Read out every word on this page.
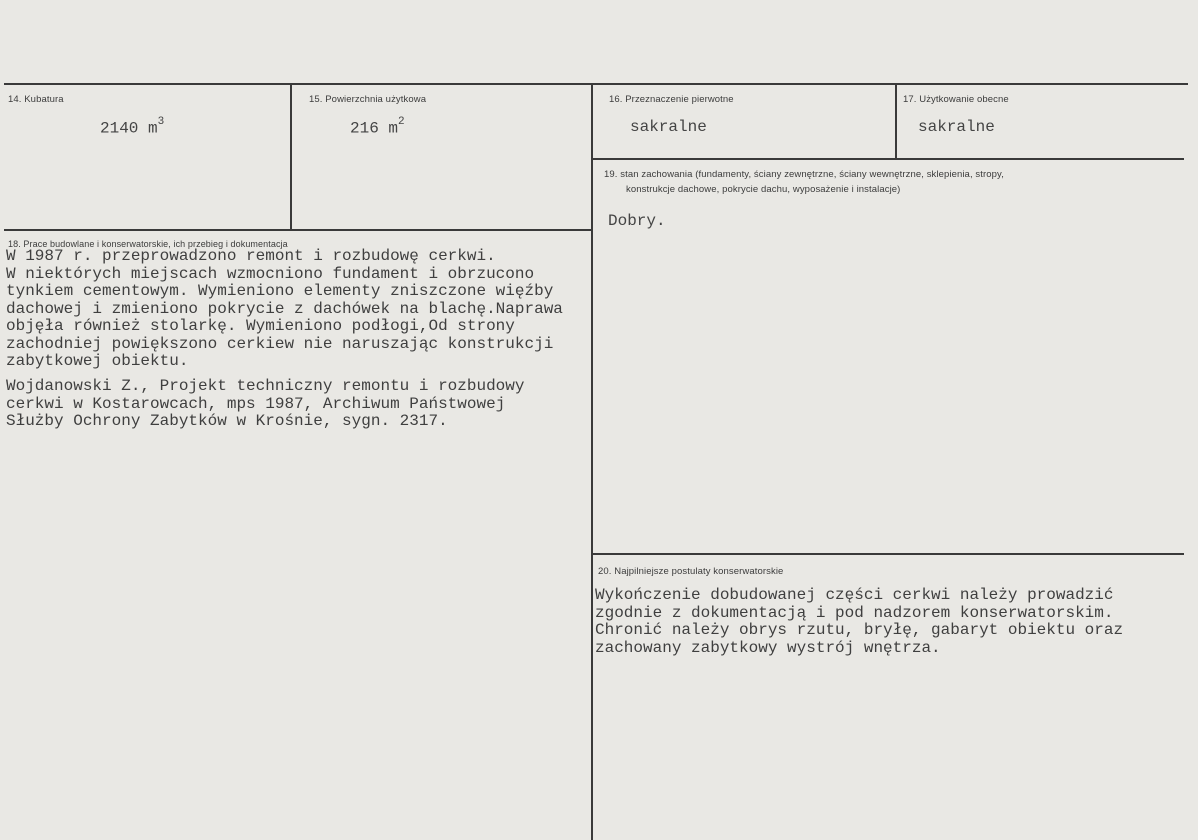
14. Kubatura
2140 $m^3$
15. Powierzchnia użytkowa
216 $m^2$
16. Przeznaczenie pierwotne
sakralne
17. Użytkowanie obecne
sakralne
19. stan zachowania (fundamenty, ściany zewnętrzne, ściany wewnętrzne, sklepienia, stropy,
konstrukcje dachowe, pokrycie dachu, wyposażenie i instalacje)
Dobry.
18. Prace budowlane i konserwatorskie, ich przebieg i dokumentacja
W 1987 r. przeprowadzono remont i rozbudowę cerkwi.
W niektórych miejscach wzmocniono fundament i obrzucono
tynkiem cementowym. Wymieniono elementy zniszczone więźby
dachowej i zmieniono pokrycie z dachówek na blachę.Naprawa
objęła również stolarkę. Wymieniono podłogi,Od strony
zachodniej powiększono cerkiew nie naruszając konstrukcji
zabytkowej obiektu.
Wojdanowski Z., Projekt techniczny remontu i rozbudowy
cerkwi w Kostarowcach, mps 1987, Archiwum Państwowej
Służby Ochrony Zabytków w Krośnie, sygn. 2317.
20. Najpilniejsze postulaty konserwatorskie
Wykończenie dobudowanej części cerkwi należy prowadzić
zgodnie z dokumentacją i pod nadzorem konserwatorskim.
Chronić należy obrys rzutu, bryłę, gabaryt obiektu oraz
zachowany zabytkowy wystrój wnętrza.
